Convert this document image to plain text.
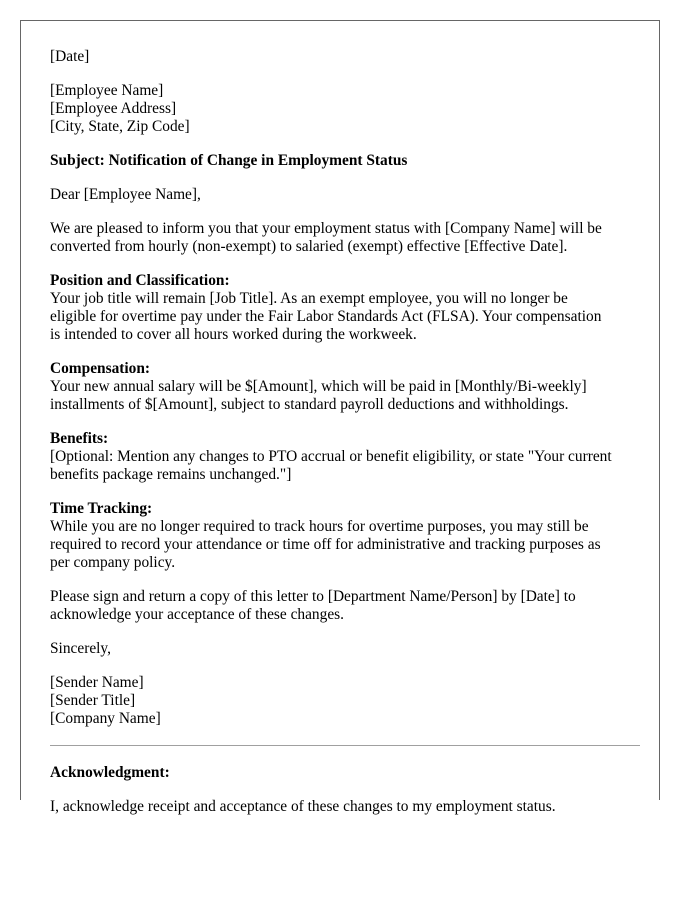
[Date]
[Employee Name]
[Employee Address]
[City, State, Zip Code]
Subject: Notification of Change in Employment Status
Dear [Employee Name],
We are pleased to inform you that your employment status with [Company Name] will be
converted from hourly (non-exempt) to salaried (exempt) effective [Effective Date].
Position and Classification:
Your job title will remain [Job Title]. As an exempt employee, you will no longer be
eligible for overtime pay under the Fair Labor Standards Act (FLSA). Your compensation
is intended to cover all hours worked during the workweek.
Compensation:
Your new annual salary will be $[Amount], which will be paid in [Monthly/Bi-weekly]
installments of $[Amount], subject to standard payroll deductions and withholdings.
Benefits:
[Optional: Mention any changes to PTO accrual or benefit eligibility, or state "Your current
benefits package remains unchanged."]
Time Tracking:
While you are no longer required to track hours for overtime purposes, you may still be
required to record your attendance or time off for administrative and tracking purposes as
per company policy.
Please sign and return a copy of this letter to [Department Name/Person] by [Date] to
acknowledge your acceptance of these changes.
Sincerely,
[Sender Name]
[Sender Title]
[Company Name]
Acknowledgment:
I, acknowledge receipt and acceptance of these changes to my employment status.
